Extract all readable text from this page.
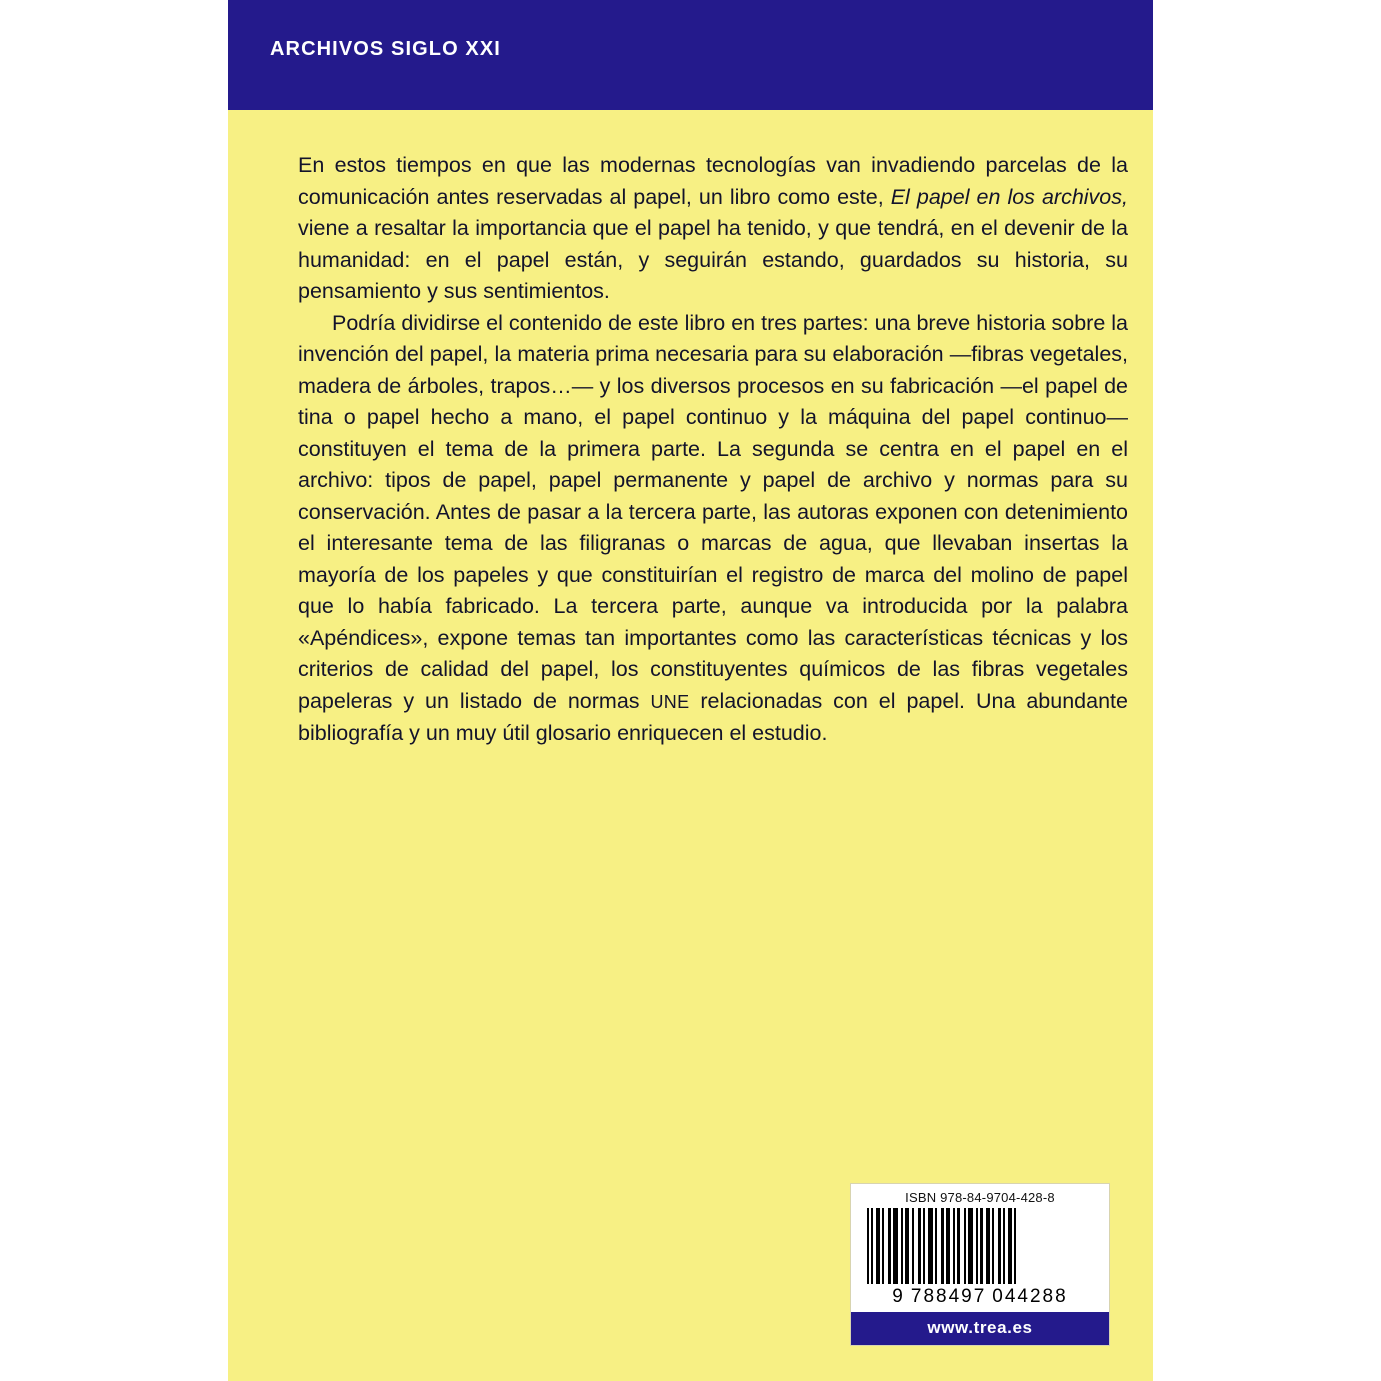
ARCHIVOS SIGLO XXI

En estos tiempos en que las modernas tecnologías van invadiendo parcelas de la comunicación antes reservadas al papel, un libro como este, El papel en los archivos, viene a resaltar la importancia que el papel ha tenido, y que tendrá, en el devenir de la humanidad: en el papel están, y seguirán estando, guardados su historia, su pensamiento y sus sentimientos.

Podría dividirse el contenido de este libro en tres partes: una breve historia sobre la invención del papel, la materia prima necesaria para su elaboración —fibras vegetales, madera de árboles, trapos…— y los diversos procesos en su fabricación —el papel de tina o papel hecho a mano, el papel continuo y la máquina del papel continuo— constituyen el tema de la primera parte. La segunda se centra en el papel en el archivo: tipos de papel, papel permanente y papel de archivo y normas para su conservación. Antes de pasar a la tercera parte, las autoras exponen con detenimiento el interesante tema de las filigranas o marcas de agua, que llevaban insertas la mayoría de los papeles y que constituirían el registro de marca del molino de papel que lo había fabricado. La tercera parte, aunque va introducida por la palabra «Apéndices», expone temas tan importantes como las características técnicas y los criterios de calidad del papel, los constituyentes químicos de las fibras vegetales papeleras y un listado de normas UNE relacionadas con el papel. Una abundante bibliografía y un muy útil glosario enriquecen el estudio.

ISBN 978-84-9704-428-8
9 788497 044288
www.trea.es
